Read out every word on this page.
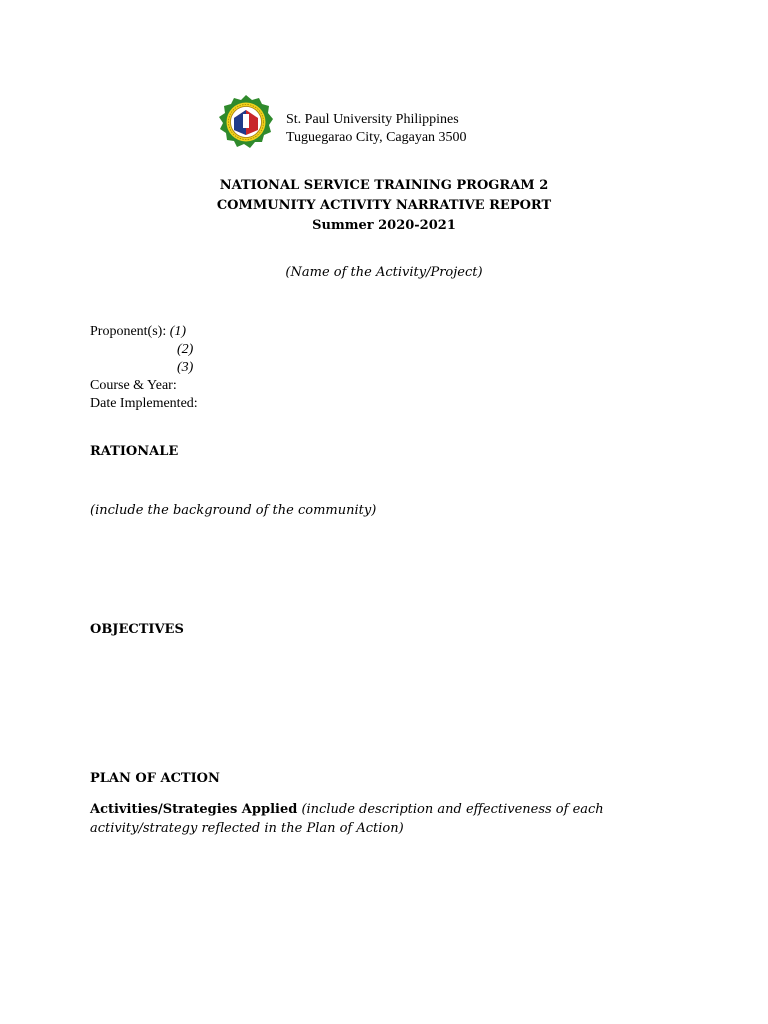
St. Paul University Philippines
Tuguegarao City, Cagayan 3500
NATIONAL SERVICE TRAINING PROGRAM 2
COMMUNITY ACTIVITY NARRATIVE REPORT
Summer 2020-2021
(Name of the Activity/Project)
Proponent(s): (1)
(2)
(3)
Course & Year:
Date Implemented:
RATIONALE
(include the background of the community)
OBJECTIVES
PLAN OF ACTION
Activities/Strategies Applied (include description and effectiveness of each activity/strategy reflected in the Plan of Action)
